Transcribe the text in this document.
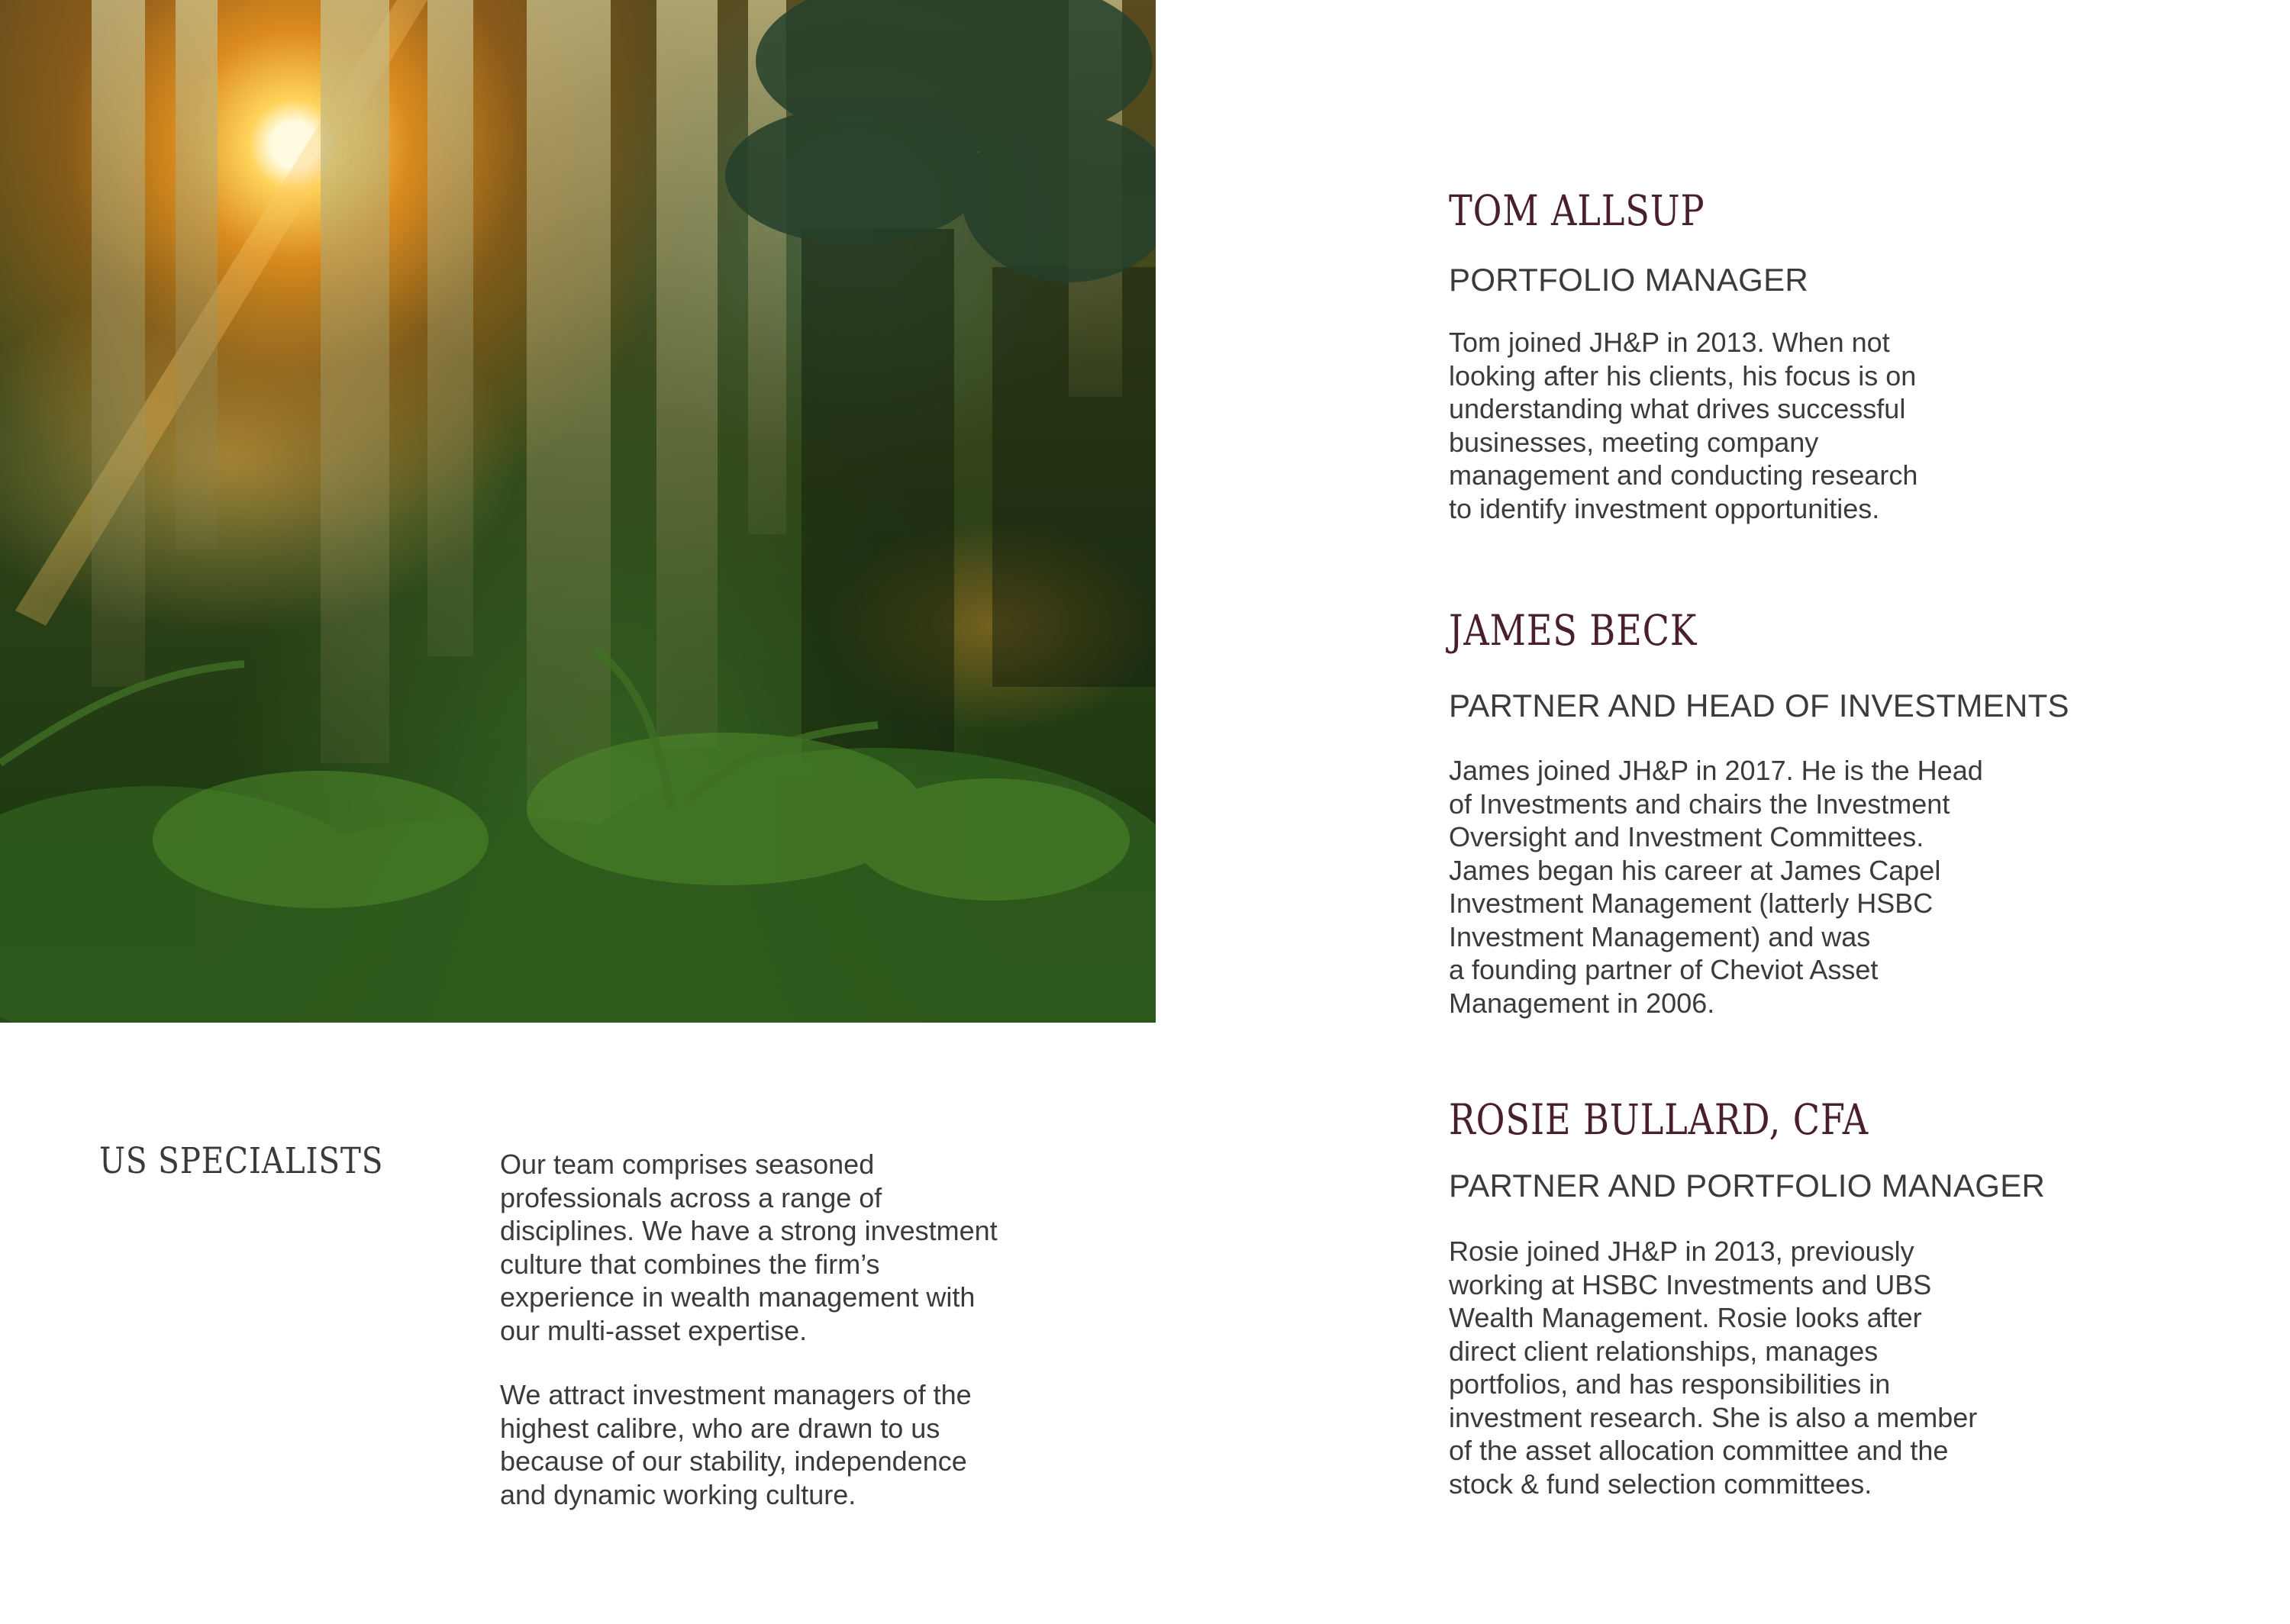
US SPECIALISTS	Our team comprises seasoned
professionals across a range of
disciplines. We have a strong investment
culture that combines the firm’s
experience in wealth management with
our multi-asset expertise.
We attract investment managers of the
highest calibre, who are drawn to us
because of our stability, independence
and dynamic working culture.
TOM ALLSUP

PORTFOLIO MANAGER

Tom joined JH&P in 2013. When not
looking after his clients, his focus is on
understanding what drives successful
businesses, meeting company
management and conducting research
to identify investment opportunities.
JAMES BECK

PARTNER AND HEAD OF INVESTMENTS

James joined JH&P in 2017. He is the Head
of Investments and chairs the Investment
Oversight and Investment Committees.
James began his career at James Capel
Investment Management (latterly HSBC
Investment Management) and was
a founding partner of Cheviot Asset
Management in 2006.
ROSIE BULLARD, CFA

PARTNER AND PORTFOLIO MANAGER

Rosie joined JH&P in 2013, previously
working at HSBC Investments and UBS
Wealth Management. Rosie looks after
direct client relationships, manages
portfolios, and has responsibilities in
investment research. She is also a member
of the asset allocation committee and the
stock & fund selection committees.
